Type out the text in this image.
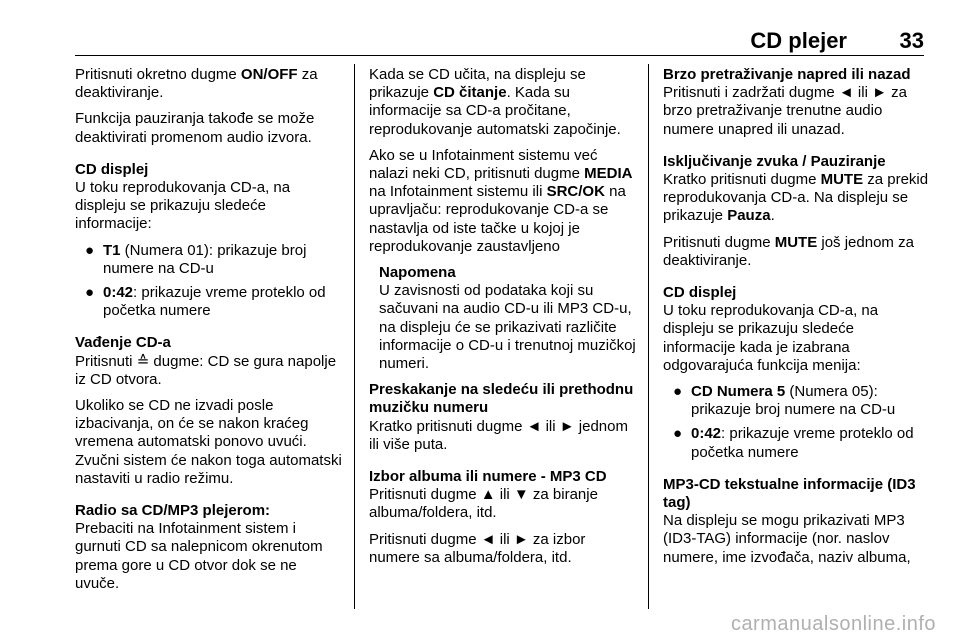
CD plejer 33

Pritisnuti okretno dugme ON/OFF za deaktiviranje.

Funkcija pauziranja takođe se može deaktivirati promenom audio izvora.

CD displej

U toku reprodukovanja CD-a, na displeju se prikazuju sledeće informacije:

● T1 (Numera 01): prikazuje broj numere na CD-u
● 0:42: prikazuje vreme proteklo od početka numere
Vađenje CD-a

Pritisnuti ≙ dugme: CD se gura napolje iz CD otvora.

Ukoliko se CD ne izvadi posle izbacivanja, on će se nakon kraćeg vremena automatski ponovo uvući. Zvučni sistem će nakon toga automatski nastaviti u radio režimu.

Radio sa CD/MP3 plejerom:

Prebaciti na Infotainment sistem i gurnuti CD sa nalepnicom okrenutom prema gore u CD otvor dok se ne uvuče.

Kada se CD učita, na displeju se prikazuje CD čitanje. Kada su informacije sa CD-a pročitane, reprodukovanje automatski započinje.

Ako se u Infotainment sistemu već nalazi neki CD, pritisnuti dugme MEDIA na Infotainment sistemu ili SRC/OK na upravljaču: reprodukovanje CD-a se nastavlja od iste tačke u kojoj je reprodukovanje zaustavljeno

Napomena
U zavisnosti od podataka koji su sačuvani na audio CD-u ili MP3 CD-u, na displeju će se prikazivati različite informacije o CD-u i trenutnoj muzičkoj numeri.
Preskakanje na sledeću ili prethodnu muzičku numeru

Kratko pritisnuti dugme ◄ ili ► jednom ili više puta.

Izbor albuma ili numere - MP3 CD

Pritisnuti dugme ▲ ili ▼ za biranje albuma/foldera, itd.

Pritisnuti dugme ◄ ili ► za izbor numere sa albuma/foldera, itd.

Brzo pretraživanje napred ili nazad

Pritisnuti i zadržati dugme ◄ ili ► za brzo pretraživanje trenutne audio numere unapred ili unazad.

Isključivanje zvuka / Pauziranje

Kratko pritisnuti dugme MUTE za prekid reprodukovanja CD-a. Na displeju se prikazuje Pauza.

Pritisnuti dugme MUTE još jednom za deaktiviranje.

CD displej

U toku reprodukovanja CD-a, na displeju se prikazuju sledeće informacije kada je izabrana odgovarajuća funkcija menija:

● CD Numera 5 (Numera 05): prikazuje broj numere na CD-u
● 0:42: prikazuje vreme proteklo od početka numere
MP3-CD tekstualne informacije (ID3 tag)

Na displeju se mogu prikazivati MP3 (ID3-TAG) informacije (nor. naslov numere, ime izvođača, naziv albuma,

carmanualsonline.info
